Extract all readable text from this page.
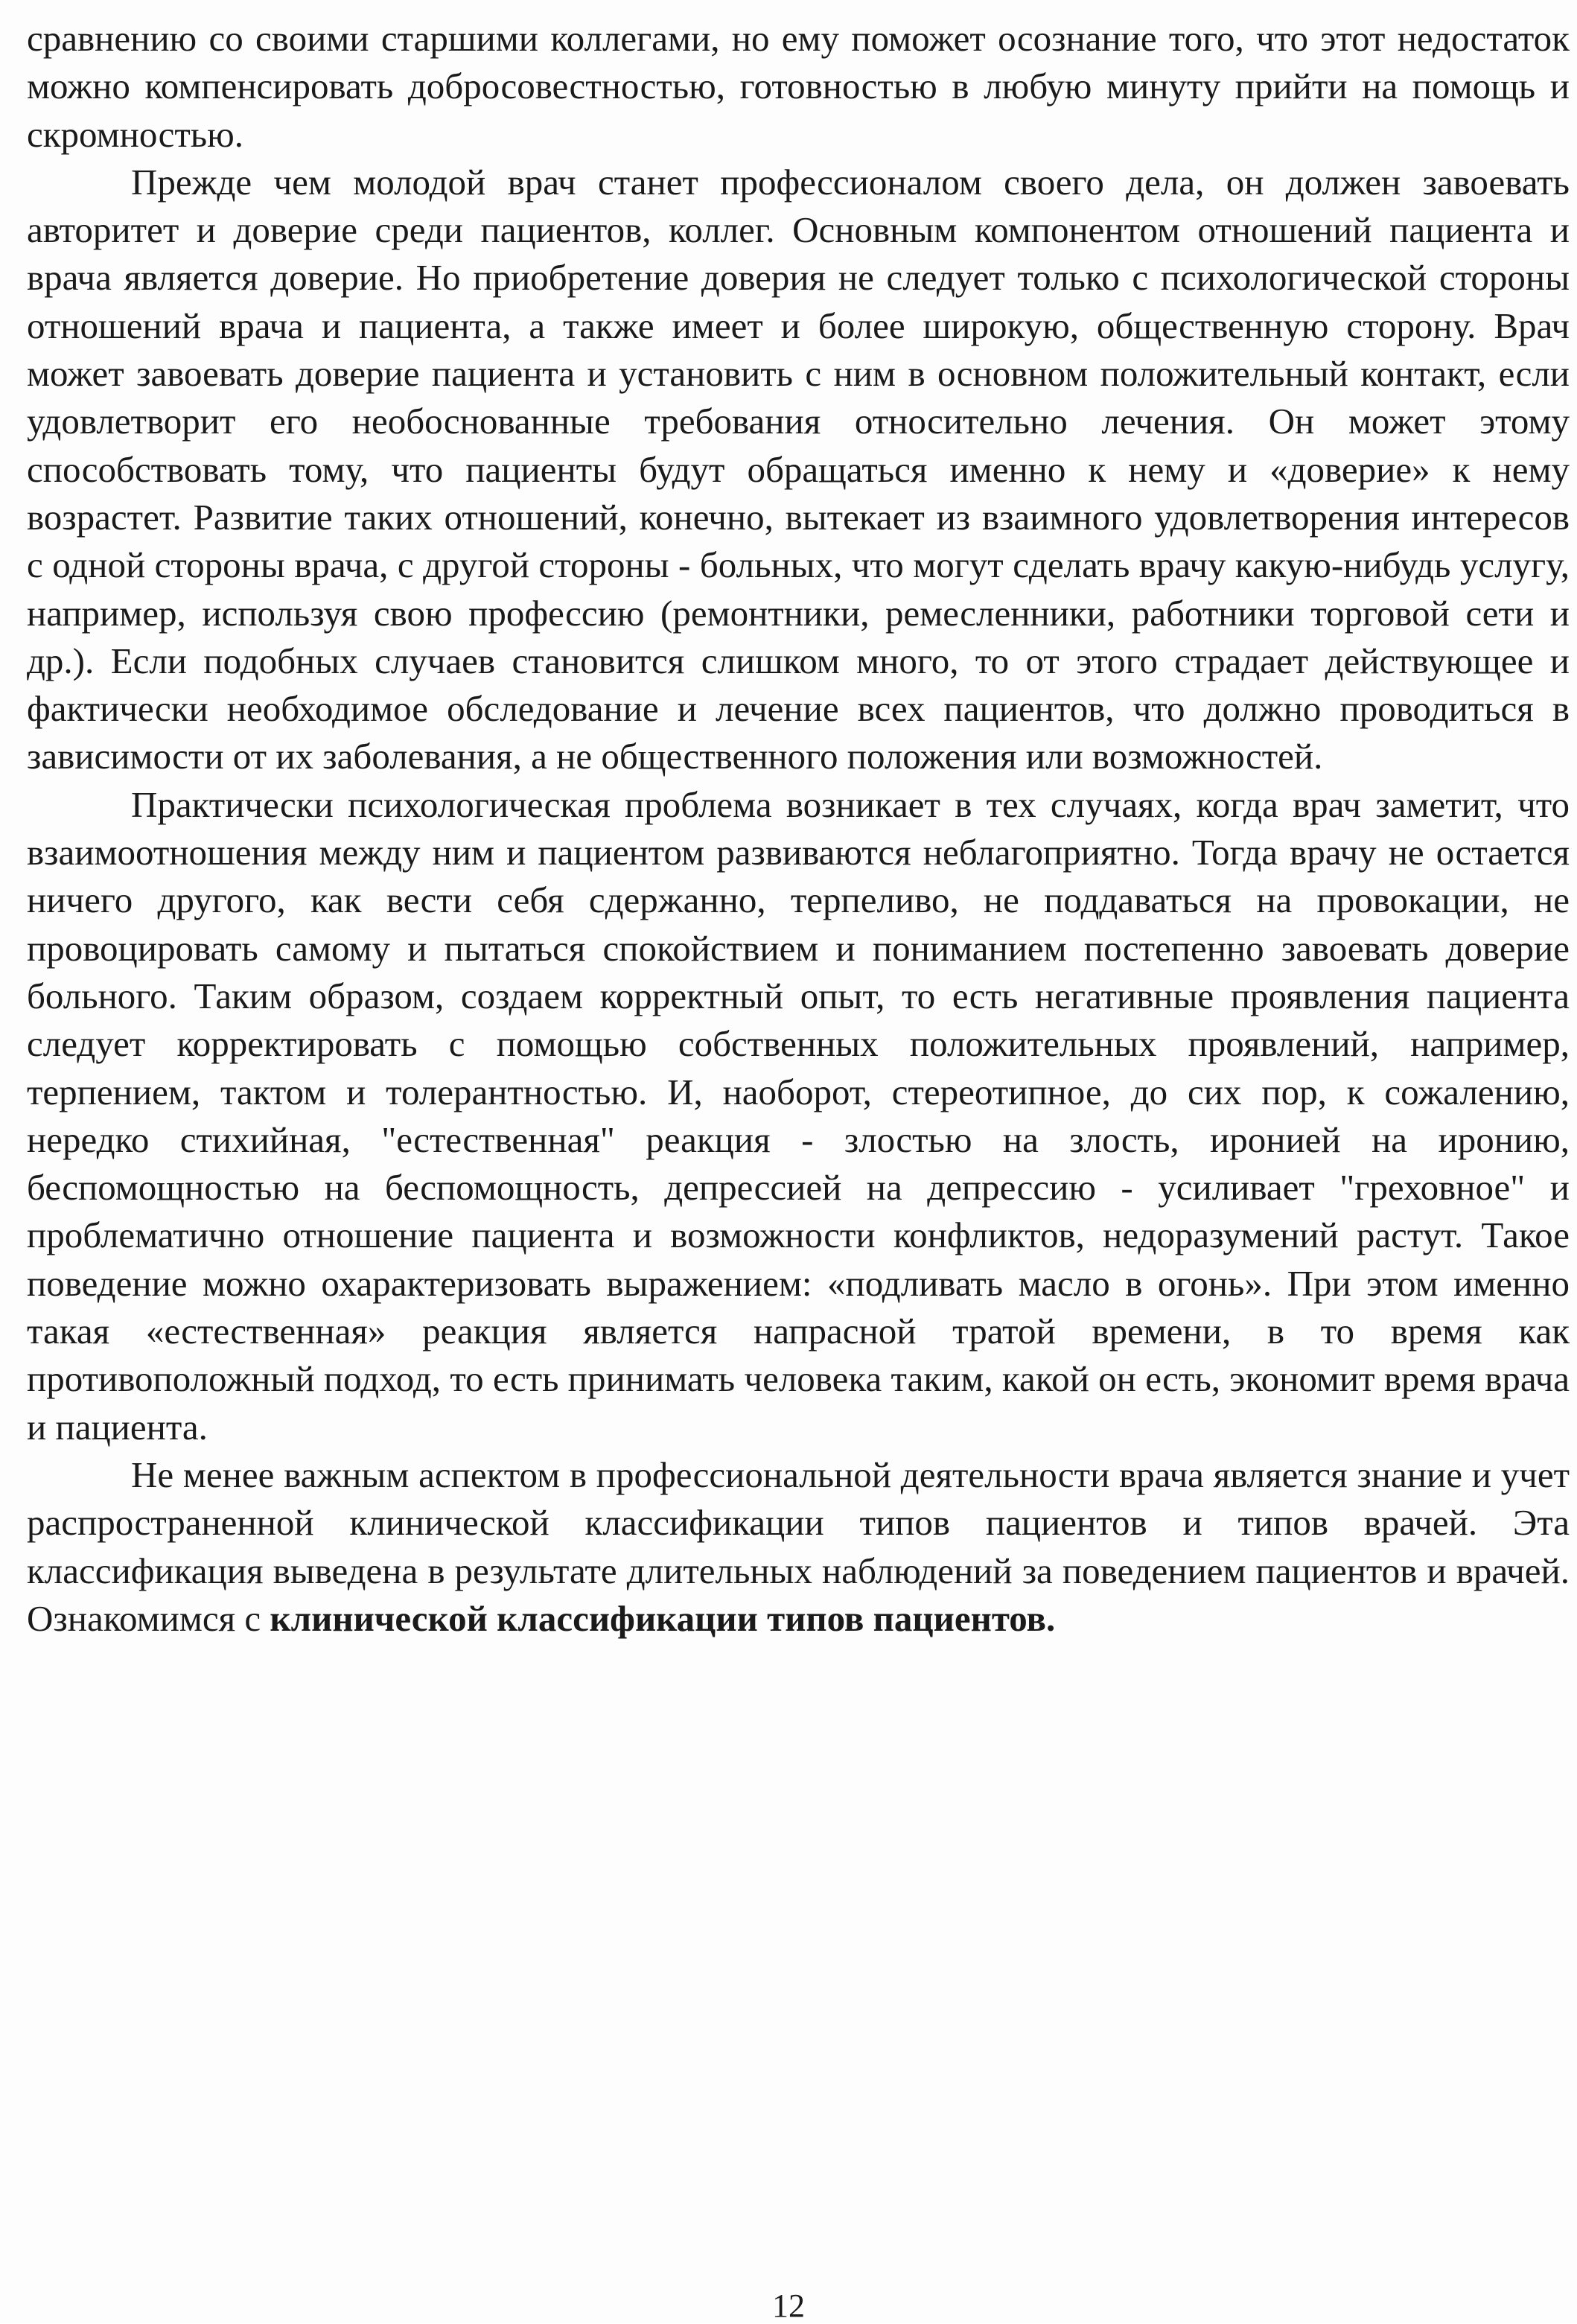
сравнению со своими старшими коллегами, но ему поможет осознание того, что этот недостаток можно компенсировать добросовестностью, готовностью в любую минуту прийти на помощь и скромностью.

Прежде чем молодой врач станет профессионалом своего дела, он должен завоевать авторитет и доверие среди пациентов, коллег. Основным компонентом отношений пациента и врача является доверие. Но приобретение доверия не следует только с психологической стороны отношений врача и пациента, а также имеет и более широкую, общественную сторону. Врач может завоевать доверие пациента и установить с ним в основном положительный контакт, если удовлетворит его необоснованные требования относительно лечения. Он может этому способствовать тому, что пациенты будут обращаться именно к нему и «доверие» к нему возрастет. Развитие таких отношений, конечно, вытекает из взаимного удовлетворения интересов с одной стороны врача, с другой стороны - больных, что могут сделать врачу какую-нибудь услугу, например, используя свою профессию (ремонтники, ремесленники, работники торговой сети и др.). Если подобных случаев становится слишком много, то от этого страдает действующее и фактически необходимое обследование и лечение всех пациентов, что должно проводиться в зависимости от их заболевания, а не общественного положения или возможностей.

Практически психологическая проблема возникает в тех случаях, когда врач заметит, что взаимоотношения между ним и пациентом развиваются неблагоприятно. Тогда врачу не остается ничего другого, как вести себя сдержанно, терпеливо, не поддаваться на провокации, не провоцировать самому и пытаться спокойствием и пониманием постепенно завоевать доверие больного. Таким образом, создаем корректный опыт, то есть негативные проявления пациента следует корректировать с помощью собственных положительных проявлений, например, терпением, тактом и толерантностью. И, наоборот, стереотипное, до сих пор, к сожалению, нередко стихийная, "естественная" реакция - злостью на злость, иронией на иронию, беспомощностью на беспомощность, депрессией на депрессию - усиливает "греховное" и проблематично отношение пациента и возможности конфликтов, недоразумений растут. Такое поведение можно охарактеризовать выражением: «подливать масло в огонь». При этом именно такая «естественная» реакция является напрасной тратой времени, в то время как противоположный подход, то есть принимать человека таким, какой он есть, экономит время врача и пациента.

Не менее важным аспектом в профессиональной деятельности врача является знание и учет распространенной клинической классификации типов пациентов и типов врачей. Эта классификация выведена в результате длительных наблюдений за поведением пациентов и врачей. Ознакомимся с клинической классификации типов пациентов.

12
